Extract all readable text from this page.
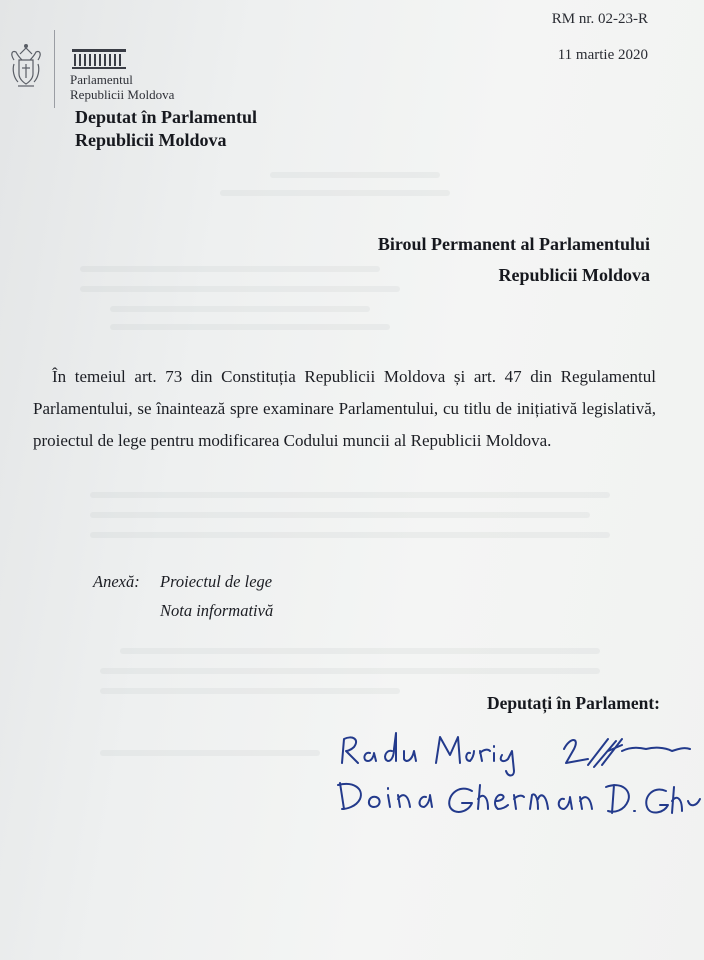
RM nr. 02-23-R
11 martie 2020
Parlamentul
Republicii Moldova
Deputat în Parlamentul
Republicii Moldova
Biroul Permanent al Parlamentului
Republicii Moldova
În temeiul art. 73 din Constituția Republicii Moldova și art. 47 din Regulamentul Parlamentului, se înaintează spre examinare Parlamentului, cu titlu de inițiativă legislativă, proiectul de lege pentru modificarea Codului muncii al Republicii Moldova.
Anexă: Proiectul de lege
Nota informativă
Deputați în Parlament:
